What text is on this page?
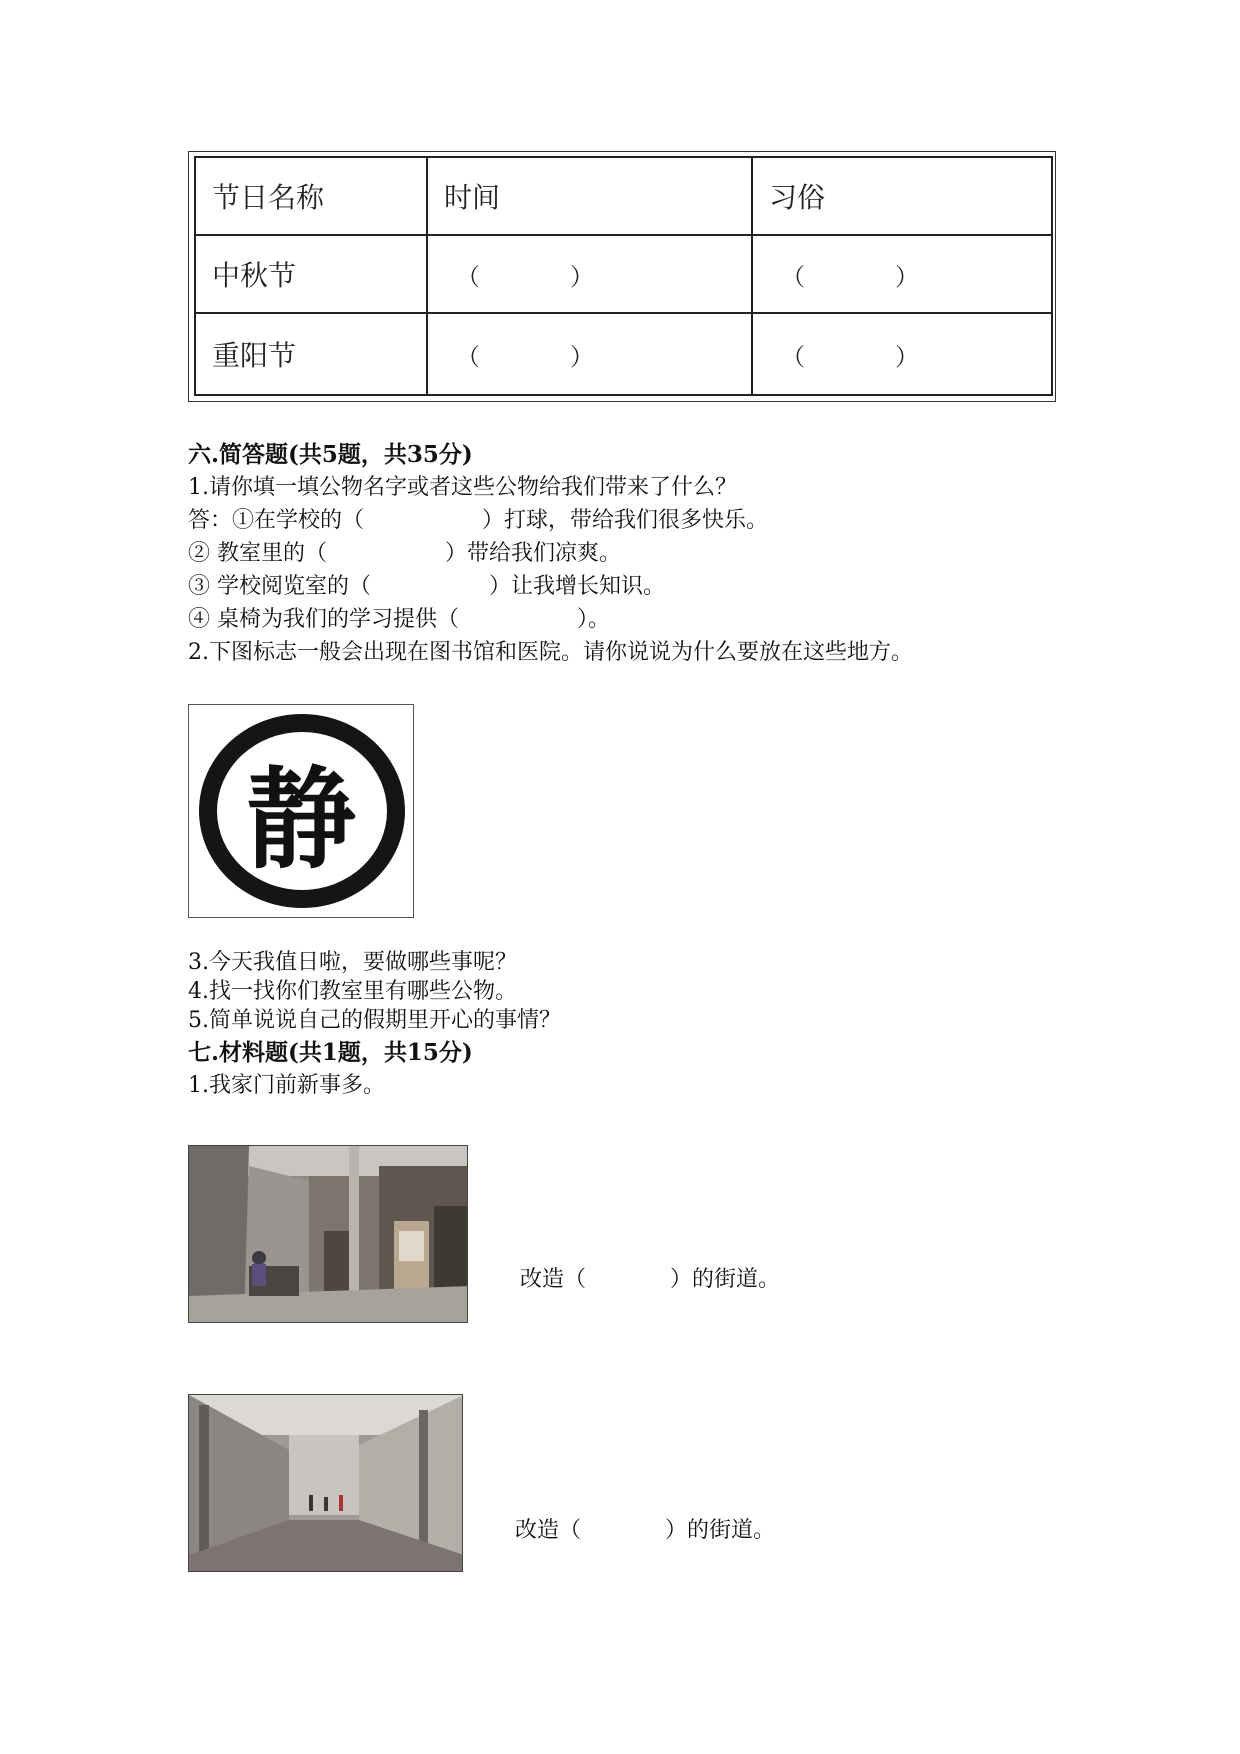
节日名称	时间	习俗
中秋节	（ ）	（ ）
重阳节	（ ）	（ ）
六.简答题(共5题，共35分)
1.请你填一填公物名字或者这些公物给我们带来了什么？
答：①在学校的（	）打球，带给我们很多快乐。
② 教室里的（	）带给我们凉爽。
③ 学校阅览室的（	）让我增长知识。
④ 桌椅为我们的学习提供（	）。
2.下图标志一般会出现在图书馆和医院。请你说说为什么要放在这些地方。
静
3.今天我值日啦，要做哪些事呢？
4.找一找你们教室里有哪些公物。
5.简单说说自己的假期里开心的事情？
七.材料题(共1题，共15分)
1.我家门前新事多。
改造（	）的街道。
改造（	）的街道。
